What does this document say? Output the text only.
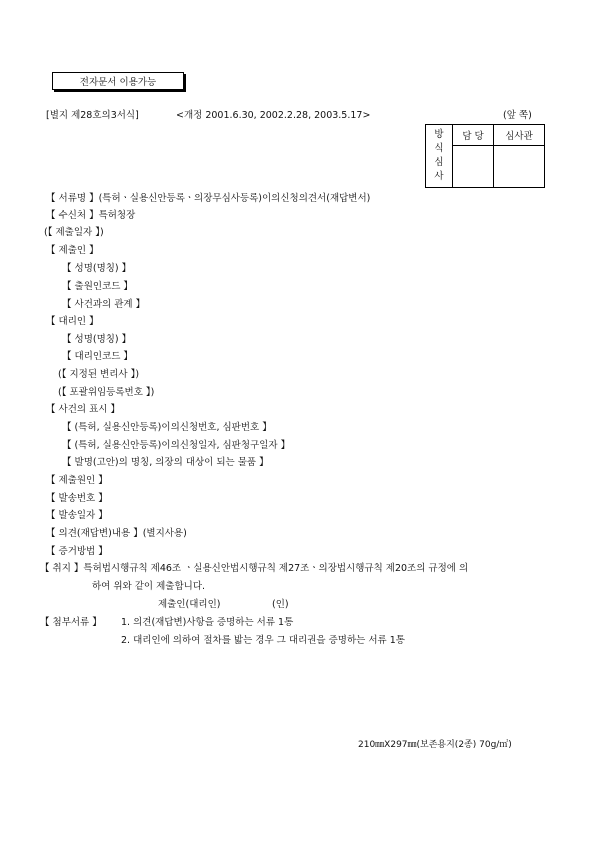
전자문서 이용가능
[별지 제28호의3서식]	<개정 2001.6.30, 2002.2.28, 2003.5.17>	(앞 쪽)
방
식
심
사	담 당	심사관

【 서류명 】(특허ㆍ실용신안등록ㆍ의장무심사등록)이의신청의견서(재답변서)
【 수신처 】특허청장
(【 제출일자 】)
【 제출인 】
【 성명(명칭) 】
【 출원인코드 】
【 사건과의 관계 】
【 대리인 】
【 성명(명칭) 】
【 대리인코드 】
(【 지정된 변리사 】)
(【 포괄위임등록번호 】)
【 사건의 표시 】
【 (특허, 실용신안등록)이의신청번호, 심판번호 】
【 (특허, 실용신안등록)이의신청일자, 심판청구일자 】
【 발명(고안)의 명칭, 의장의 대상이 되는 물품 】
【 제출원인 】
【 발송번호 】
【 발송일자 】
【 의견(재답변)내용 】(별지사용)
【 증거방법 】
【 취지 】특허법시행규칙 제46조 ㆍ실용신안법시행규칙 제27조ㆍ의장법시행규칙 제20조의 규정에 의
하여 위와 같이 제출합니다.
제출인(대리인)	(인)
【 첨부서류 】 1. 의견(재답변)사항을 증명하는 서류 1통
2. 대리인에 의하여 절차를 밟는 경우 그 대리권을 증명하는 서류 1통
210㎜X297㎜(보존용지(2종) 70g/㎡)
